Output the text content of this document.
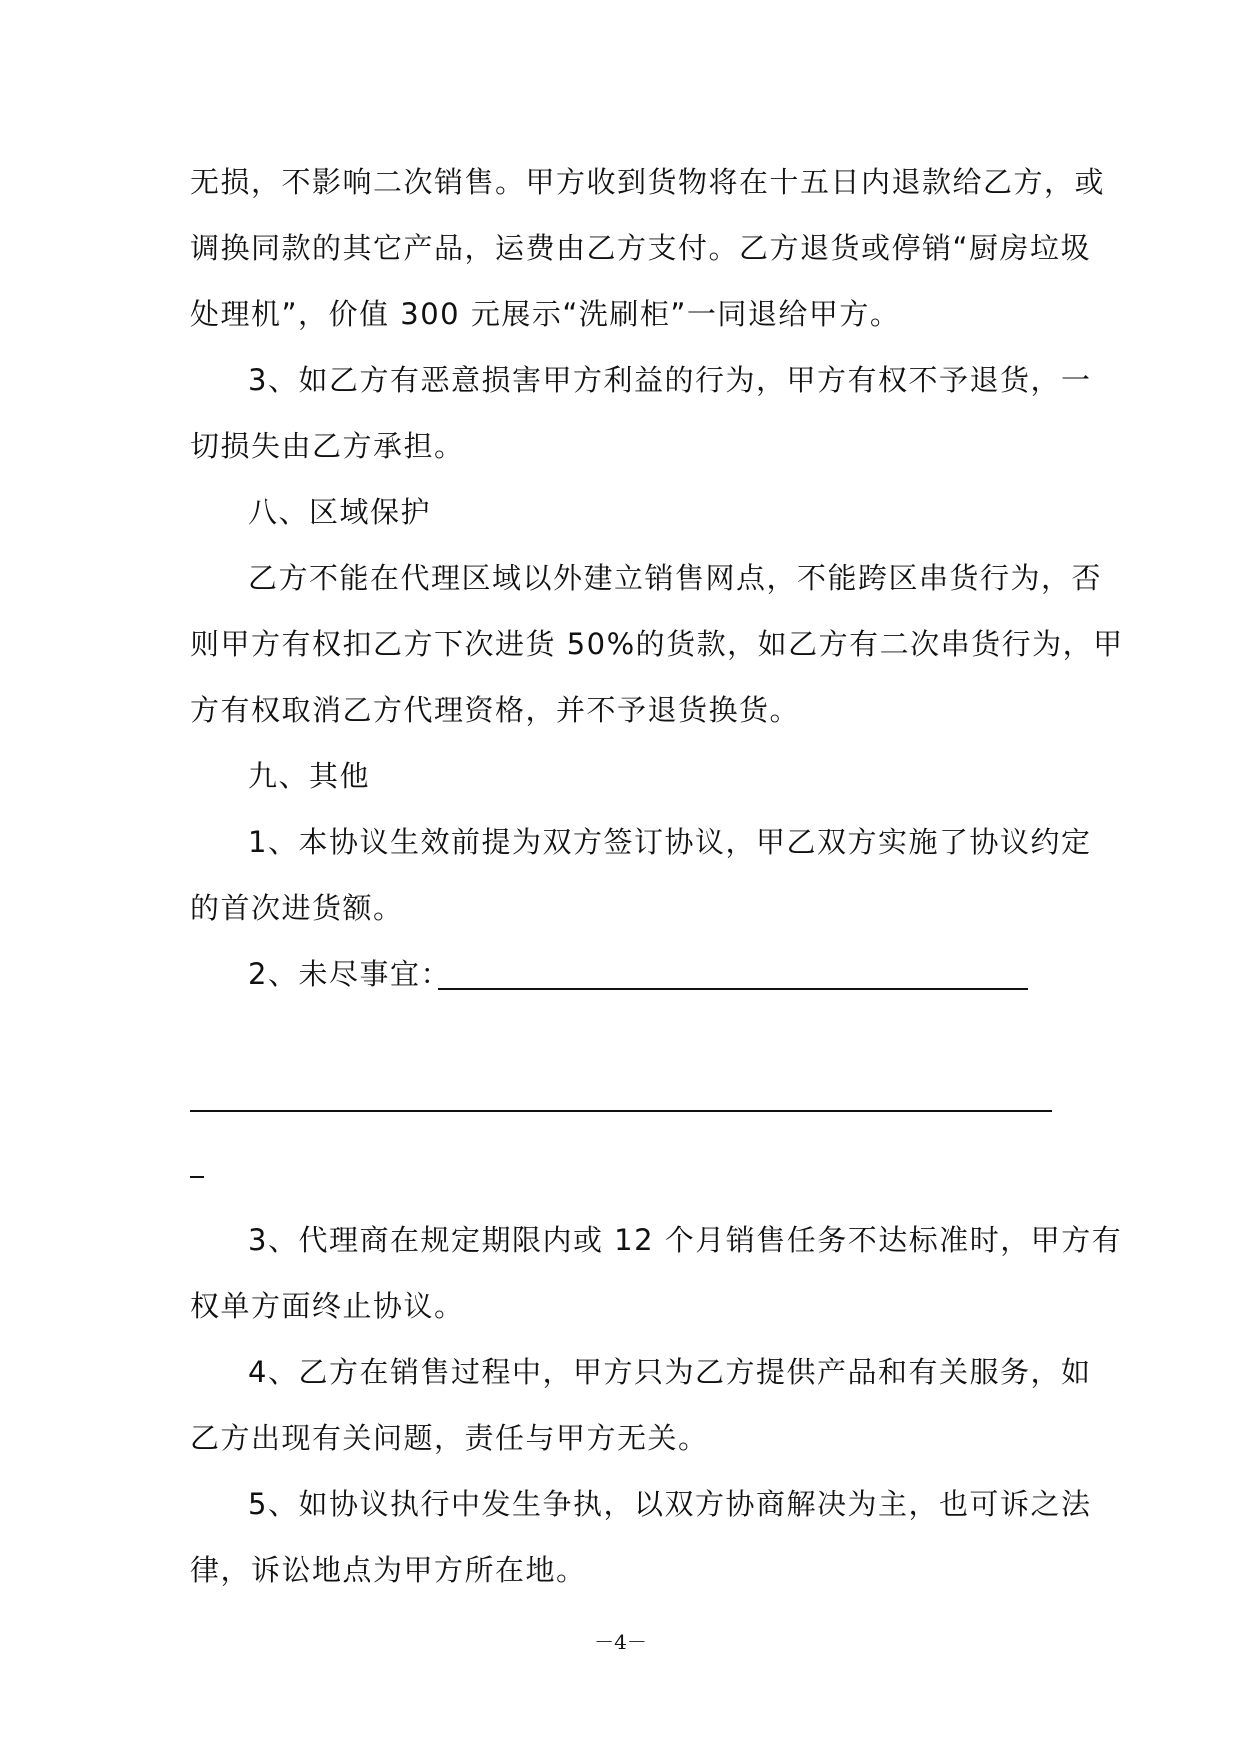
无损，不影响二次销售。甲方收到货物将在十五日内退款给乙方，或
调换同款的其它产品，运费由乙方支付。乙方退货或停销“厨房垃圾
处理机”，价值 300 元展示“洗刷柜”一同退给甲方。
3、如乙方有恶意损害甲方利益的行为，甲方有权不予退货，一
切损失由乙方承担。
八、区域保护
乙方不能在代理区域以外建立销售网点，不能跨区串货行为，否
则甲方有权扣乙方下次进货 50%的货款，如乙方有二次串货行为，甲
方有权取消乙方代理资格，并不予退货换货。
九、其他
1、本协议生效前提为双方签订协议，甲乙双方实施了协议约定
的首次进货额。
2、未尽事宜：
3、代理商在规定期限内或 12 个月销售任务不达标准时，甲方有
权单方面终止协议。
4、乙方在销售过程中，甲方只为乙方提供产品和有关服务，如
乙方出现有关问题，责任与甲方无关。
5、如协议执行中发生争执，以双方协商解决为主，也可诉之法
律，诉讼地点为甲方所在地。
－4－
